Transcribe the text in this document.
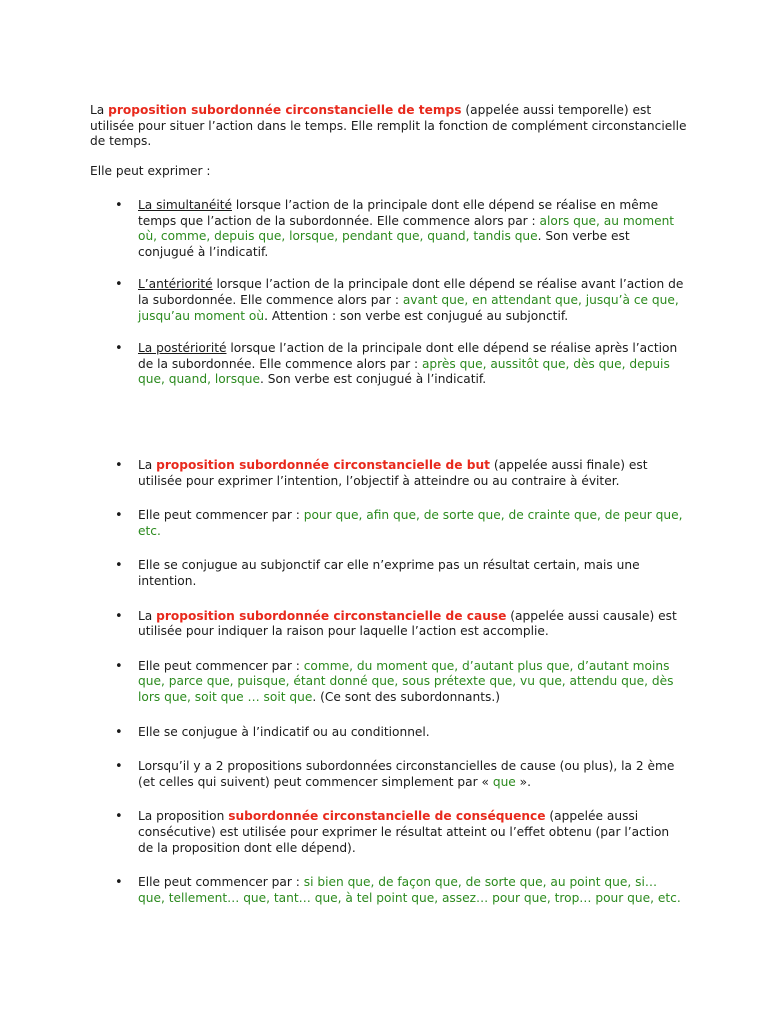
La proposition subordonnée circonstancielle de temps (appelée aussi temporelle) est utilisée pour situer l’action dans le temps. Elle remplit la fonction de complément circonstancielle de temps.

Elle peut exprimer :

• La simultanéité lorsque l’action de la principale dont elle dépend se réalise en même temps que l’action de la subordonnée. Elle commence alors par : alors que, au moment où, comme, depuis que, lorsque, pendant que, quand, tandis que. Son verbe est conjugué à l’indicatif.
• L’antériorité lorsque l’action de la principale dont elle dépend se réalise avant l’action de la subordonnée. Elle commence alors par : avant que, en attendant que, jusqu’à ce que, jusqu’au moment où. Attention : son verbe est conjugué au subjonctif.
• La postériorité lorsque l’action de la principale dont elle dépend se réalise après l’action de la subordonnée. Elle commence alors par : après que, aussitôt que, dès que, depuis que, quand, lorsque. Son verbe est conjugué à l’indicatif.
• La proposition subordonnée circonstancielle de but (appelée aussi finale) est utilisée pour exprimer l’intention, l’objectif à atteindre ou au contraire à éviter.
• Elle peut commencer par : pour que, afin que, de sorte que, de crainte que, de peur que, etc.
• Elle se conjugue au subjonctif car elle n’exprime pas un résultat certain, mais une intention.
• La proposition subordonnée circonstancielle de cause (appelée aussi causale) est utilisée pour indiquer la raison pour laquelle l’action est accomplie.
• Elle peut commencer par : comme, du moment que, d’autant plus que, d’autant moins que, parce que, puisque, étant donné que, sous prétexte que, vu que, attendu que, dès lors que, soit que … soit que. (Ce sont des subordonnants.)
• Elle se conjugue à l’indicatif ou au conditionnel.
• Lorsqu’il y a 2 propositions subordonnées circonstancielles de cause (ou plus), la 2 ème (et celles qui suivent) peut commencer simplement par « que ».
• La proposition subordonnée circonstancielle de conséquence (appelée aussi consécutive) est utilisée pour exprimer le résultat atteint ou l’effet obtenu (par l’action de la proposition dont elle dépend).
• Elle peut commencer par : si bien que, de façon que, de sorte que, au point que, si… que, tellement… que, tant… que, à tel point que, assez… pour que, trop… pour que, etc.
